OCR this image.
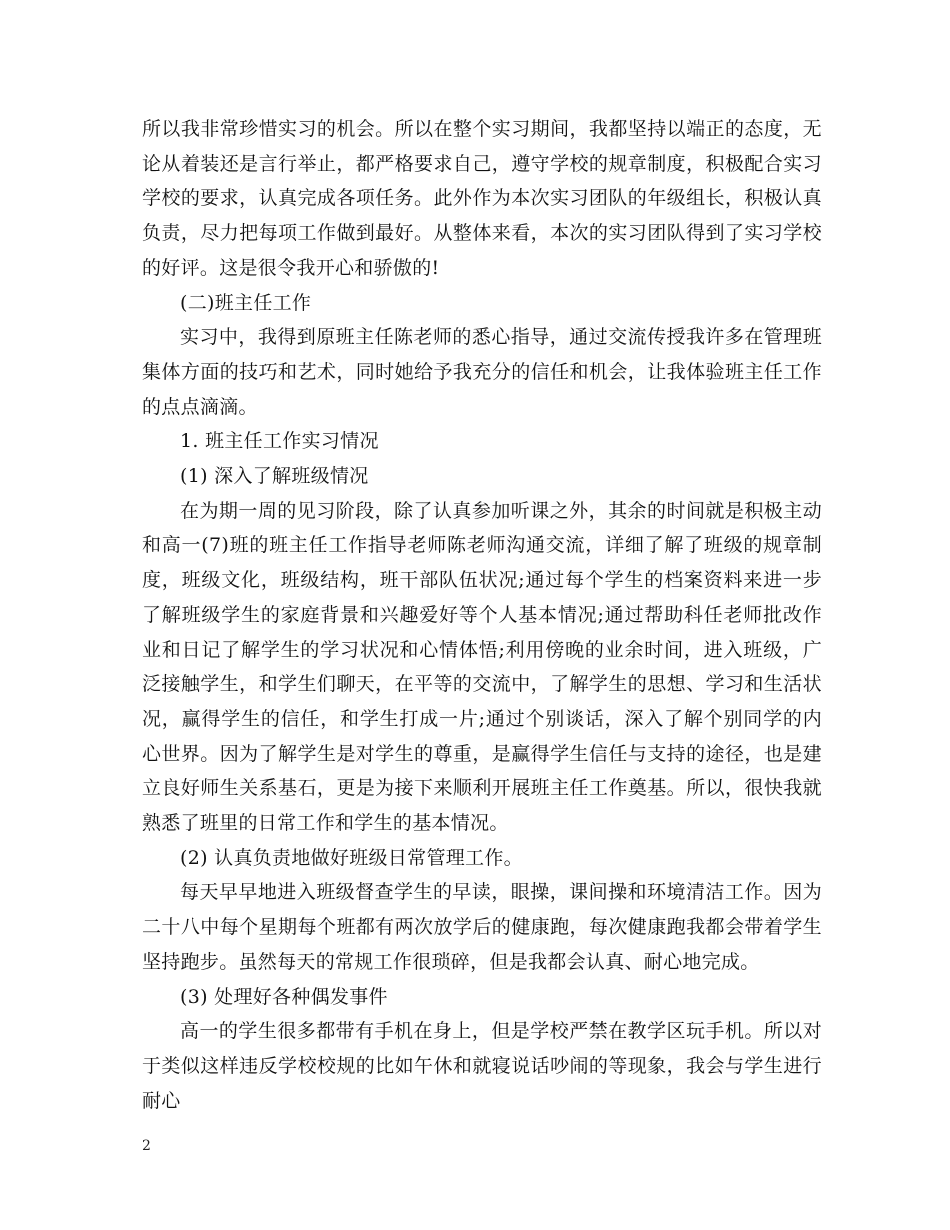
所以我非常珍惜实习的机会。所以在整个实习期间，我都坚持以端正的态度，无论从着装还是言行举止，都严格要求自己，遵守学校的规章制度，积极配合实习学校的要求，认真完成各项任务。此外作为本次实习团队的年级组长，积极认真负责，尽力把每项工作做到最好。从整体来看，本次的实习团队得到了实习学校的好评。这是很令我开心和骄傲的!

(二)班主任工作

实习中，我得到原班主任陈老师的悉心指导，通过交流传授我许多在管理班集体方面的技巧和艺术，同时她给予我充分的信任和机会，让我体验班主任工作的点点滴滴。

1. 班主任工作实习情况

(1) 深入了解班级情况

在为期一周的见习阶段，除了认真参加听课之外，其余的时间就是积极主动和高一(7)班的班主任工作指导老师陈老师沟通交流，详细了解了班级的规章制度，班级文化，班级结构，班干部队伍状况;通过每个学生的档案资料来进一步了解班级学生的家庭背景和兴趣爱好等个人基本情况;通过帮助科任老师批改作业和日记了解学生的学习状况和心情体悟;利用傍晚的业余时间，进入班级，广泛接触学生，和学生们聊天，在平等的交流中，了解学生的思想、学习和生活状况，赢得学生的信任，和学生打成一片;通过个别谈话，深入了解个别同学的内心世界。因为了解学生是对学生的尊重，是赢得学生信任与支持的途径，也是建立良好师生关系基石，更是为接下来顺利开展班主任工作奠基。所以，很快我就熟悉了班里的日常工作和学生的基本情况。

(2) 认真负责地做好班级日常管理工作。

每天早早地进入班级督查学生的早读，眼操，课间操和环境清洁工作。因为二十八中每个星期每个班都有两次放学后的健康跑，每次健康跑我都会带着学生坚持跑步。虽然每天的常规工作很琐碎，但是我都会认真、耐心地完成。

(3) 处理好各种偶发事件

高一的学生很多都带有手机在身上，但是学校严禁在教学区玩手机。所以对于类似这样违反学校校规的比如午休和就寝说话吵闹的等现象，我会与学生进行耐心

2
